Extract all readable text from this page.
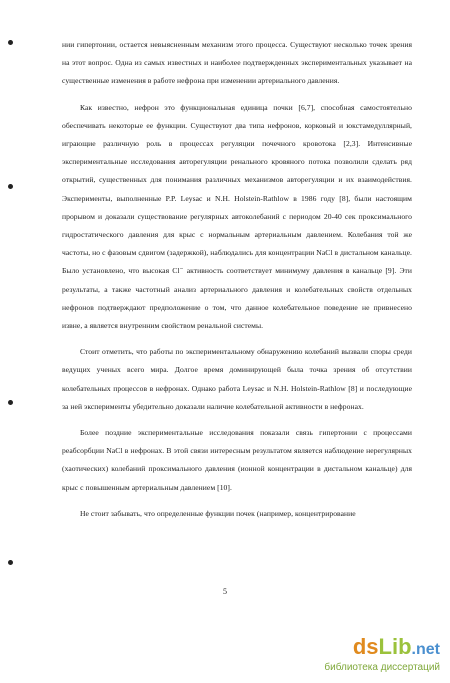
нии гипертонии, остается невыясненным механизм этого процесса. Существуют несколько точек зрения на этот вопрос. Одна из самых известных и наиболее подтвержденных экспериментальных указывает на существенные изменения в работе нефрона при изменении артериального давления.

Как известно, нефрон это функциональная единица почки [6,7], способная самостоятельно обеспечивать некоторые ее функции. Существуют два типа нефронов, корковый и юкстамедуллярный, играющие различную роль в процессах регуляции почечного кровотока [2,3]. Интенсивные экспериментальные исследования авторегуляции ренального кровяного потока позволили сделать ряд открытий, существенных для понимания различных механизмов авторегуляции и их взаимодействия. Эксперименты, выполненные P.P. Leysac и N.H. Holstein-Rathlow в 1986 году [8], были настоящим прорывом и доказали существование регулярных автоколебаний с периодом 20-40 сек проксимального гидростатического давления для крыс с нормальным артериальным давлением. Колебания той же частоты, но с фазовым сдвигом (задержкой), наблюдались для концентрации NaCl в дистальном канальце. Было установлено, что высокая Cl⁻ активность соответствует минимуму давления в канальце [9]. Эти результаты, а также частотный анализ артериального давления и колебательных свойств отдельных нефронов подтверждают предположение о том, что данное колебательное поведение не привнесено извне, а является внутренним свойством ренальной системы.

Стоит отметить, что работы по экспериментальному обнаружению колебаний вызвали споры среди ведущих ученых всего мира. Долгое время доминирующей была точка зрения об отсутствии колебательных процессов в нефронах. Однако работа Leysac и N.H. Holstein-Rathlow [8] и последующие за ней эксперименты убедительно доказали наличие колебательной активности в нефронах.

Более поздние экспериментальные исследования показали связь гипертонии с процессами реабсорбции NaCl в нефронах. В этой связи интересным результатом является наблюдение нерегулярных (хаотических) колебаний проксимального давления (ионной концентрации в дистальном канальце) для крыс с повышенным артериальным давлением [10].

Не стоит забывать, что определенные функции почек (например, концентрирование

5
dsLib.net
библиотека диссертаций
